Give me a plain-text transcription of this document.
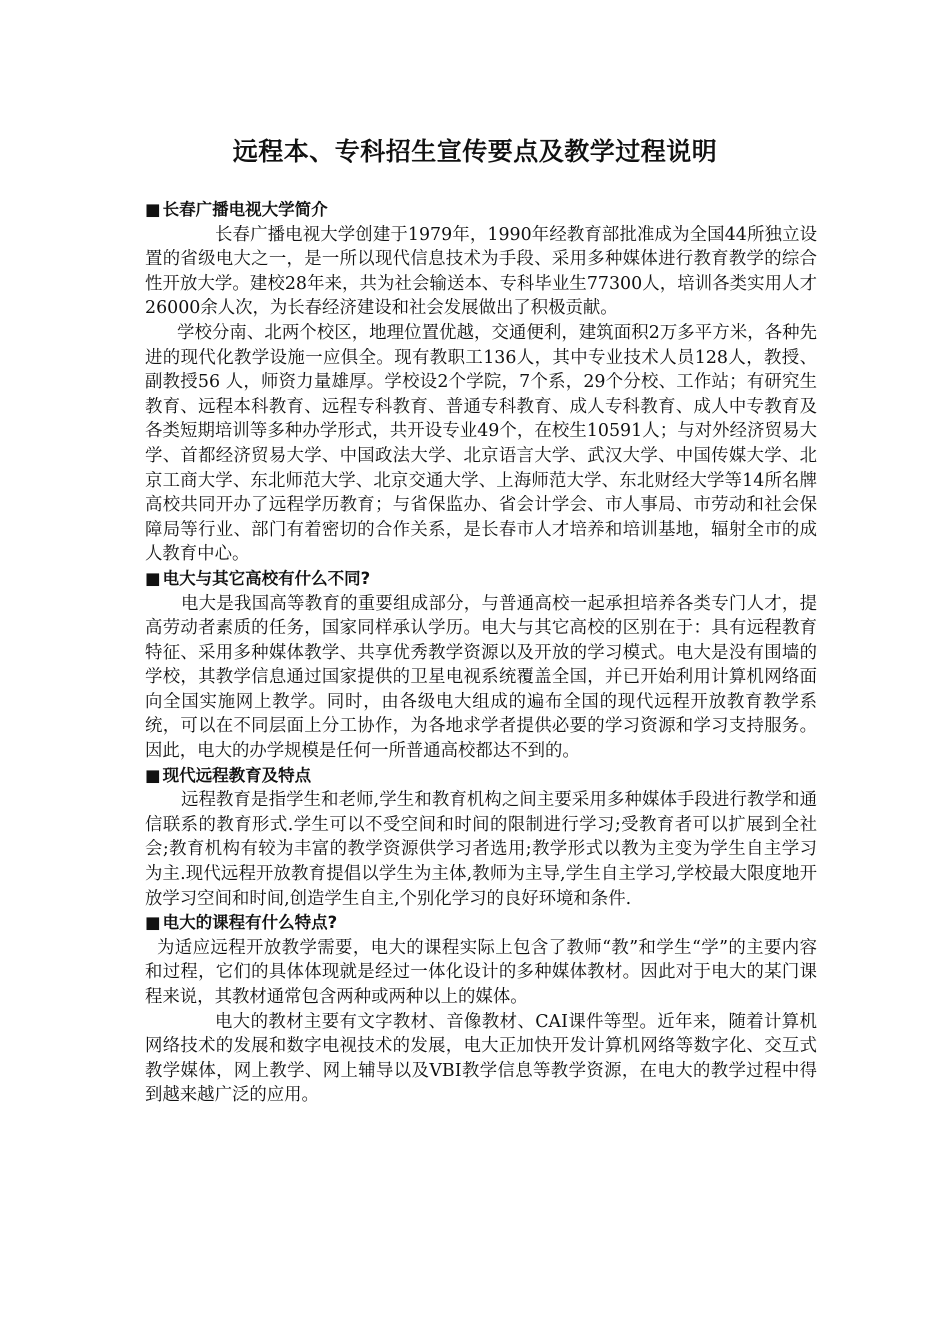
远程本、专科招生宣传要点及教学过程说明

■ 长春广播电视大学简介

长春广播电视大学创建于1979年，1990年经教育部批准成为全国44所独立设置的省级电大之一，是一所以现代信息技术为手段、采用多种媒体进行教育教学的综合性开放大学。建校28年来，共为社会输送本、专科毕业生77300人，培训各类实用人才26000余人次，为长春经济建设和社会发展做出了积极贡献。

学校分南、北两个校区，地理位置优越，交通便利，建筑面积2万多平方米，各种先进的现代化教学设施一应俱全。现有教职工136人，其中专业技术人员128人，教授、副教授56 人，师资力量雄厚。学校设2个学院，7个系，29个分校、工作站；有研究生教育、远程本科教育、远程专科教育、普通专科教育、成人专科教育、成人中专教育及各类短期培训等多种办学形式，共开设专业49个，在校生10591人；与对外经济贸易大学、首都经济贸易大学、中国政法大学、北京语言大学、武汉大学、中国传媒大学、北京工商大学、东北师范大学、北京交通大学、上海师范大学、东北财经大学等14所名牌高校共同开办了远程学历教育；与省保监办、省会计学会、市人事局、市劳动和社会保障局等行业、部门有着密切的合作关系，是长春市人才培养和培训基地，辐射全市的成人教育中心。

■ 电大与其它高校有什么不同?

电大是我国高等教育的重要组成部分，与普通高校一起承担培养各类专门人才，提高劳动者素质的任务，国家同样承认学历。电大与其它高校的区别在于：具有远程教育特征、采用多种媒体教学、共享优秀教学资源以及开放的学习模式。电大是没有围墙的学校，其教学信息通过国家提供的卫星电视系统覆盖全国，并已开始利用计算机网络面向全国实施网上教学。同时，由各级电大组成的遍布全国的现代远程开放教育教学系统，可以在不同层面上分工协作，为各地求学者提供必要的学习资源和学习支持服务。因此，电大的办学规模是任何一所普通高校都达不到的。

■ 现代远程教育及特点

远程教育是指学生和老师,学生和教育机构之间主要采用多种媒体手段进行教学和通信联系的教育形式.学生可以不受空间和时间的限制进行学习;受教育者可以扩展到全社会;教育机构有较为丰富的教学资源供学习者选用;教学形式以教为主变为学生自主学习为主.现代远程开放教育提倡以学生为主体,教师为主导,学生自主学习,学校最大限度地开放学习空间和时间,创造学生自主,个别化学习的良好环境和条件.

■ 电大的课程有什么特点?

为适应远程开放教学需要，电大的课程实际上包含了教师“教”和学生“学”的主要内容和过程，它们的具体体现就是经过一体化设计的多种媒体教材。因此对于电大的某门课程来说，其教材通常包含两种或两种以上的媒体。

电大的教材主要有文字教材、音像教材、CAI课件等型。近年来，随着计算机网络技术的发展和数字电视技术的发展，电大正加快开发计算机网络等数字化、交互式教学媒体，网上教学、网上辅导以及VBI教学信息等教学资源，在电大的教学过程中得到越来越广泛的应用。
